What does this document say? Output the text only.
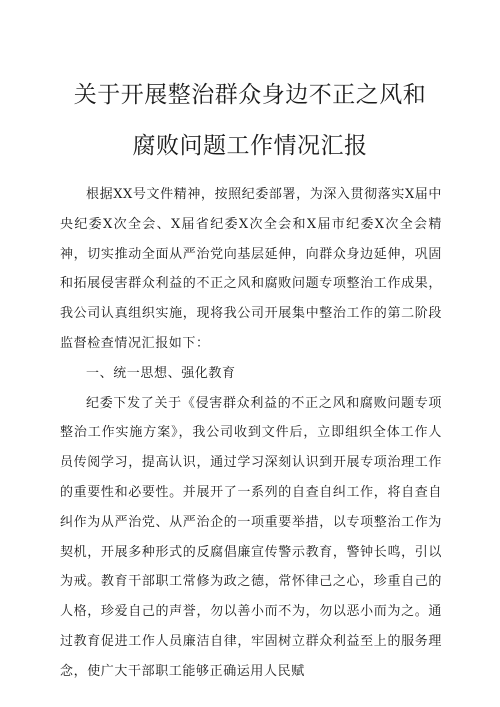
关于开展整治群众身边不正之风和
腐败问题工作情况汇报

根据XX号文件精神，按照纪委部署，为深入贯彻落实X届中央纪委X次全会、X届省纪委X次全会和X届市纪委X次全会精神，切实推动全面从严治党向基层延伸，向群众身边延伸，巩固和拓展侵害群众利益的不正之风和腐败问题专项整治工作成果，我公司认真组织实施，现将我公司开展集中整治工作的第二阶段监督检查情况汇报如下：

一、统一思想、强化教育

纪委下发了关于《侵害群众利益的不正之风和腐败问题专项整治工作实施方案》，我公司收到文件后，立即组织全体工作人员传阅学习，提高认识，通过学习深刻认识到开展专项治理工作的重要性和必要性。并展开了一系列的自查自纠工作，将自查自纠作为从严治党、从严治企的一项重要举措，以专项整治工作为契机，开展多种形式的反腐倡廉宣传警示教育，警钟长鸣，引以为戒。教育干部职工常修为政之德，常怀律己之心，珍重自己的人格，珍爱自己的声誉，勿以善小而不为，勿以恶小而为之。通过教育促进工作人员廉洁自律，牢固树立群众利益至上的服务理念，使广大干部职工能够正确运用人民赋
